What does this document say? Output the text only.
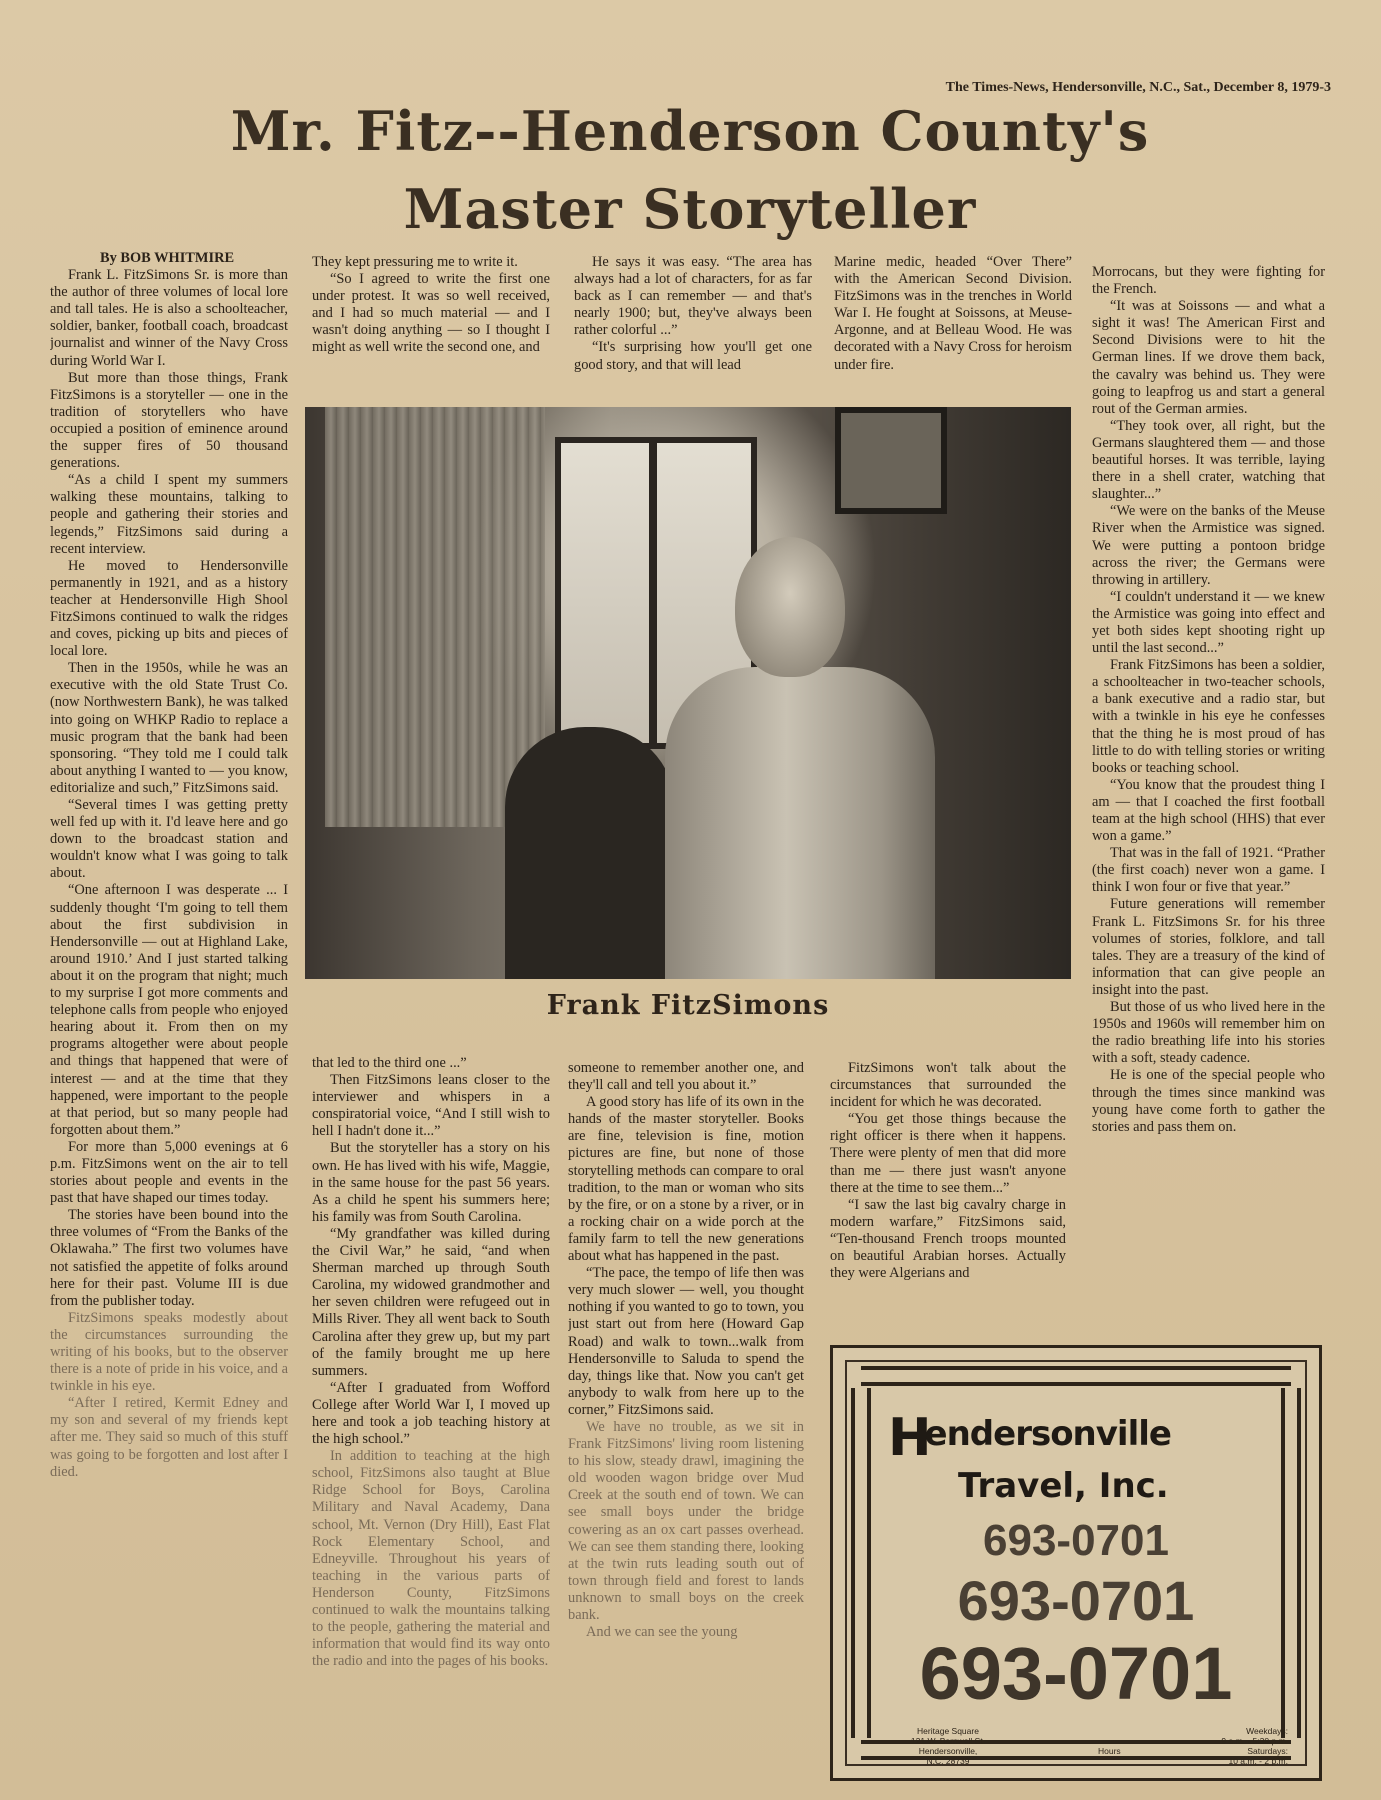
The Times-News, Hendersonville, N.C., Sat., December 8, 1979-3
Mr. Fitz--Henderson County's
Master Storyteller

By BOB WHITMIRE

Frank L. FitzSimons Sr. is more than the author of three volumes of local lore and tall tales. He is also a schoolteacher, soldier, banker, football coach, broadcast journalist and winner of the Navy Cross during World War I.

But more than those things, Frank FitzSimons is a storyteller — one in the tradition of storytellers who have occupied a position of eminence around the supper fires of 50 thousand generations.

“As a child I spent my summers walking these mountains, talking to people and gathering their stories and legends,” FitzSimons said during a recent interview.

He moved to Hendersonville permanently in 1921, and as a history teacher at Hendersonville High Shool FitzSimons continued to walk the ridges and coves, picking up bits and pieces of local lore.

Then in the 1950s, while he was an executive with the old State Trust Co. (now Northwestern Bank), he was talked into going on WHKP Radio to replace a music program that the bank had been sponsoring. “They told me I could talk about anything I wanted to — you know, editorialize and such,” FitzSimons said.

“Several times I was getting pretty well fed up with it. I'd leave here and go down to the broadcast station and wouldn't know what I was going to talk about.

“One afternoon I was desperate ... I suddenly thought ‘I'm going to tell them about the first subdivision in Hendersonville — out at Highland Lake, around 1910.’ And I just started talking about it on the program that night; much to my surprise I got more comments and telephone calls from people who enjoyed hearing about it. From then on my programs altogether were about people and things that happened that were of interest — and at the time that they happened, were important to the people at that period, but so many people had forgotten about them.”

For more than 5,000 evenings at 6 p.m. FitzSimons went on the air to tell stories about people and events in the past that have shaped our times today.

The stories have been bound into the three volumes of “From the Banks of the Oklawaha.” The first two volumes have not satisfied the appetite of folks around here for their past. Volume III is due from the publisher today.

FitzSimons speaks modestly about the circumstances surrounding the writing of his books, but to the observer there is a note of pride in his voice, and a twinkle in his eye.

“After I retired, Kermit Edney and my son and several of my friends kept after me. They said so much of this stuff was going to be forgotten and lost after I died.

They kept pressuring me to write it.

“So I agreed to write the first one under protest. It was so well received, and I had so much material — and I wasn't doing anything — so I thought I might as well write the second one, and

He says it was easy. “The area has always had a lot of characters, for as far back as I can remember — and that's nearly 1900; but, they've always been rather colorful ...”

“It's surprising how you'll get one good story, and that will lead

Marine medic, headed “Over There” with the American Second Division. FitzSimons was in the trenches in World War I. He fought at Soissons, at Meuse-Argonne, and at Belleau Wood. He was decorated with a Navy Cross for heroism under fire.

Morrocans, but they were fighting for the French.

“It was at Soissons — and what a sight it was! The American First and Second Divisions were to hit the German lines. If we drove them back, the cavalry was behind us. They were going to leapfrog us and start a general rout of the German armies.

“They took over, all right, but the Germans slaughtered them — and those beautiful horses. It was terrible, laying there in a shell crater, watching that slaughter...”

“We were on the banks of the Meuse River when the Armistice was signed. We were putting a pontoon bridge across the river; the Germans were throwing in artillery.

“I couldn't understand it — we knew the Armistice was going into effect and yet both sides kept shooting right up until the last second...”

Frank FitzSimons has been a soldier, a schoolteacher in two-teacher schools, a bank executive and a radio star, but with a twinkle in his eye he confesses that the thing he is most proud of has little to do with telling stories or writing books or teaching school.

“You know that the proudest thing I am — that I coached the first football team at the high school (HHS) that ever won a game.”

That was in the fall of 1921. “Prather (the first coach) never won a game. I think I won four or five that year.”

Future generations will remember Frank L. FitzSimons Sr. for his three volumes of stories, folklore, and tall tales. They are a treasury of the kind of information that can give people an insight into the past.

But those of us who lived here in the 1950s and 1960s will remember him on the radio breathing life into his stories with a soft, steady cadence.

He is one of the special people who through the times since mankind was young have come forth to gather the stories and pass them on.

Frank FitzSimons

that led to the third one ...”

Then FitzSimons leans closer to the interviewer and whispers in a conspiratorial voice, “And I still wish to hell I hadn't done it...”

But the storyteller has a story on his own. He has lived with his wife, Maggie, in the same house for the past 56 years. As a child he spent his summers here; his family was from South Carolina.

“My grandfather was killed during the Civil War,” he said, “and when Sherman marched up through South Carolina, my widowed grandmother and her seven children were refugeed out in Mills River. They all went back to South Carolina after they grew up, but my part of the family brought me up here summers.

“After I graduated from Wofford College after World War I, I moved up here and took a job teaching history at the high school.”

In addition to teaching at the high school, FitzSimons also taught at Blue Ridge School for Boys, Carolina Military and Naval Academy, Dana school, Mt. Vernon (Dry Hill), East Flat Rock Elementary School, and Edneyville. Throughout his years of teaching in the various parts of Henderson County, FitzSimons continued to walk the mountains talking to the people, gathering the material and information that would find its way onto the radio and into the pages of his books.

someone to remember another one, and they'll call and tell you about it.”

A good story has life of its own in the hands of the master storyteller. Books are fine, television is fine, motion pictures are fine, but none of those storytelling methods can compare to oral tradition, to the man or woman who sits by the fire, or on a stone by a river, or in a rocking chair on a wide porch at the family farm to tell the new generations about what has happened in the past.

“The pace, the tempo of life then was very much slower — well, you thought nothing if you wanted to go to town, you just start out from here (Howard Gap Road) and walk to town...walk from Hendersonville to Saluda to spend the day, things like that. Now you can't get anybody to walk from here up to the corner,” FitzSimons said.

We have no trouble, as we sit in Frank FitzSimons' living room listening to his slow, steady drawl, imagining the old wooden wagon bridge over Mud Creek at the south end of town. We can see small boys under the bridge cowering as an ox cart passes overhead. We can see them standing there, looking at the twin ruts leading south out of town through field and forest to lands unknown to small boys on the creek bank.

And we can see the young

FitzSimons won't talk about the circumstances that surrounded the incident for which he was decorated.

“You get those things because the right officer is there when it happens. There were plenty of men that did more than me — there just wasn't anyone there at the time to see them...”

“I saw the last big cavalry charge in modern warfare,” FitzSimons said, “Ten-thousand French troops mounted on beautiful Arabian horses. Actually they were Algerians and

Hendersonville
Travel, Inc.
693-0701
693-0701
693-0701
Heritage Square
121 W. Barnwell St.
Hendersonville,
N.C. 28739
Hours
Weekdays:
9 a.m. - 5:30 p.m.
Saturdays:
10 a.m. - 2 p.m.
